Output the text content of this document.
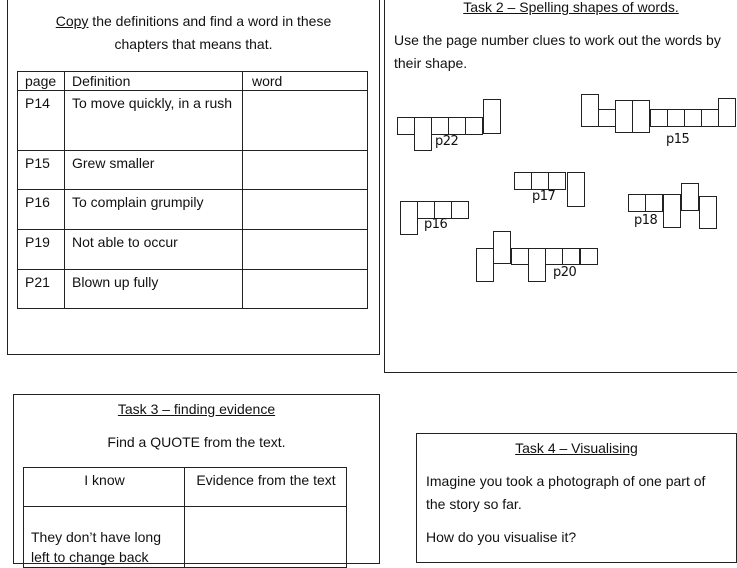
Copy the definitions and find a word in these
chapters that means that.
page	Definition	word
P14	To move quickly, in a rush	
P15	Grew smaller	
P16	To complain grumpily	
P19	Not able to occur	
P21	Blown up fully	
Task 2 – Spelling shapes of words.
Use the page number clues to work out the words by their shape.
p22	p15
p17
p16	p18
p20
Task 3 – finding evidence
Find a QUOTE from the text.
I know	Evidence from the text
They don’t have long left to change back	
Task 4 – Visualising
Imagine you took a photograph of one part of the story so far.
How do you visualise it?
